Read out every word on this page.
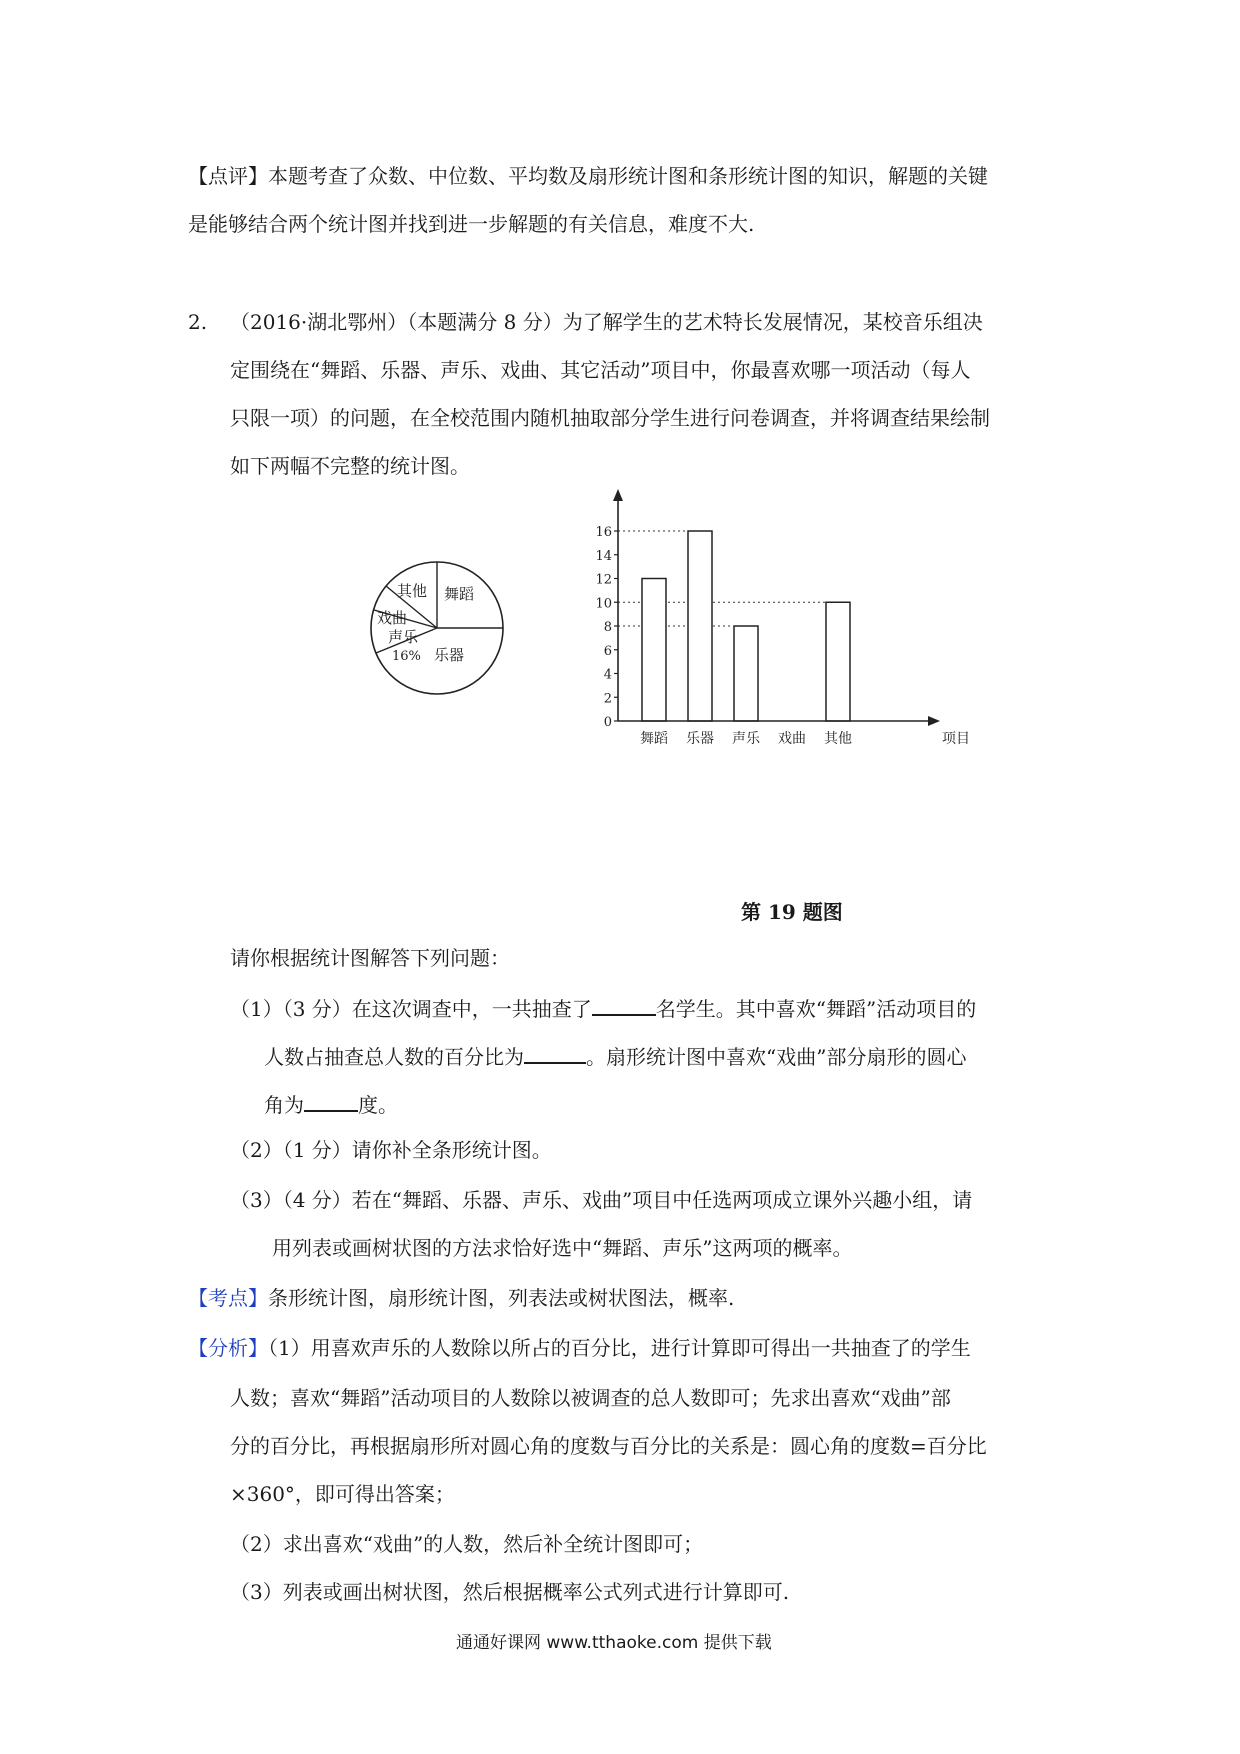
【点评】本题考查了众数、中位数、平均数及扇形统计图和条形统计图的知识，解题的关键
是能够结合两个统计图并找到进一步解题的有关信息，难度不大.
2. （2016·湖北鄂州）（本题满分 8 分）为了解学生的艺术特长发展情况，某校音乐组决
定围绕在“舞蹈、乐器、声乐、戏曲、其它活动”项目中，你最喜欢哪一项活动（每人
只限一项）的问题，在全校范围内随机抽取部分学生进行问卷调查，并将调查结果绘制
如下两幅不完整的统计图。
舞蹈
乐器
声乐
16%
戏曲
其他
0
2
4
6
8
10
12
14
16
舞蹈 乐器 声乐 戏曲 其他	项目
第 19 题图
请你根据统计图解答下列问题：
（1）（3 分）在这次调查中，一共抽查了	名学生。其中喜欢“舞蹈”活动项目的
人数占抽查总人数的百分比为	。扇形统计图中喜欢“戏曲”部分扇形的圆心
角为	度。
（2）（1 分）请你补全条形统计图。
（3）（4 分）若在“舞蹈、乐器、声乐、戏曲”项目中任选两项成立课外兴趣小组，请
用列表或画树状图的方法求恰好选中“舞蹈、声乐”这两项的概率。
【考点】条形统计图，扇形统计图，列表法或树状图法，概率.
【分析】（1）用喜欢声乐的人数除以所占的百分比，进行计算即可得出一共抽查了的学生
人数；喜欢“舞蹈”活动项目的人数除以被调查的总人数即可；先求出喜欢“戏曲”部
分的百分比，再根据扇形所对圆心角的度数与百分比的关系是：圆心角的度数=百分比
×360°，即可得出答案；
（2）求出喜欢“戏曲”的人数，然后补全统计图即可；
（3）列表或画出树状图，然后根据概率公式列式进行计算即可.
通通好课网 www.tthaoke.com 提供下载
